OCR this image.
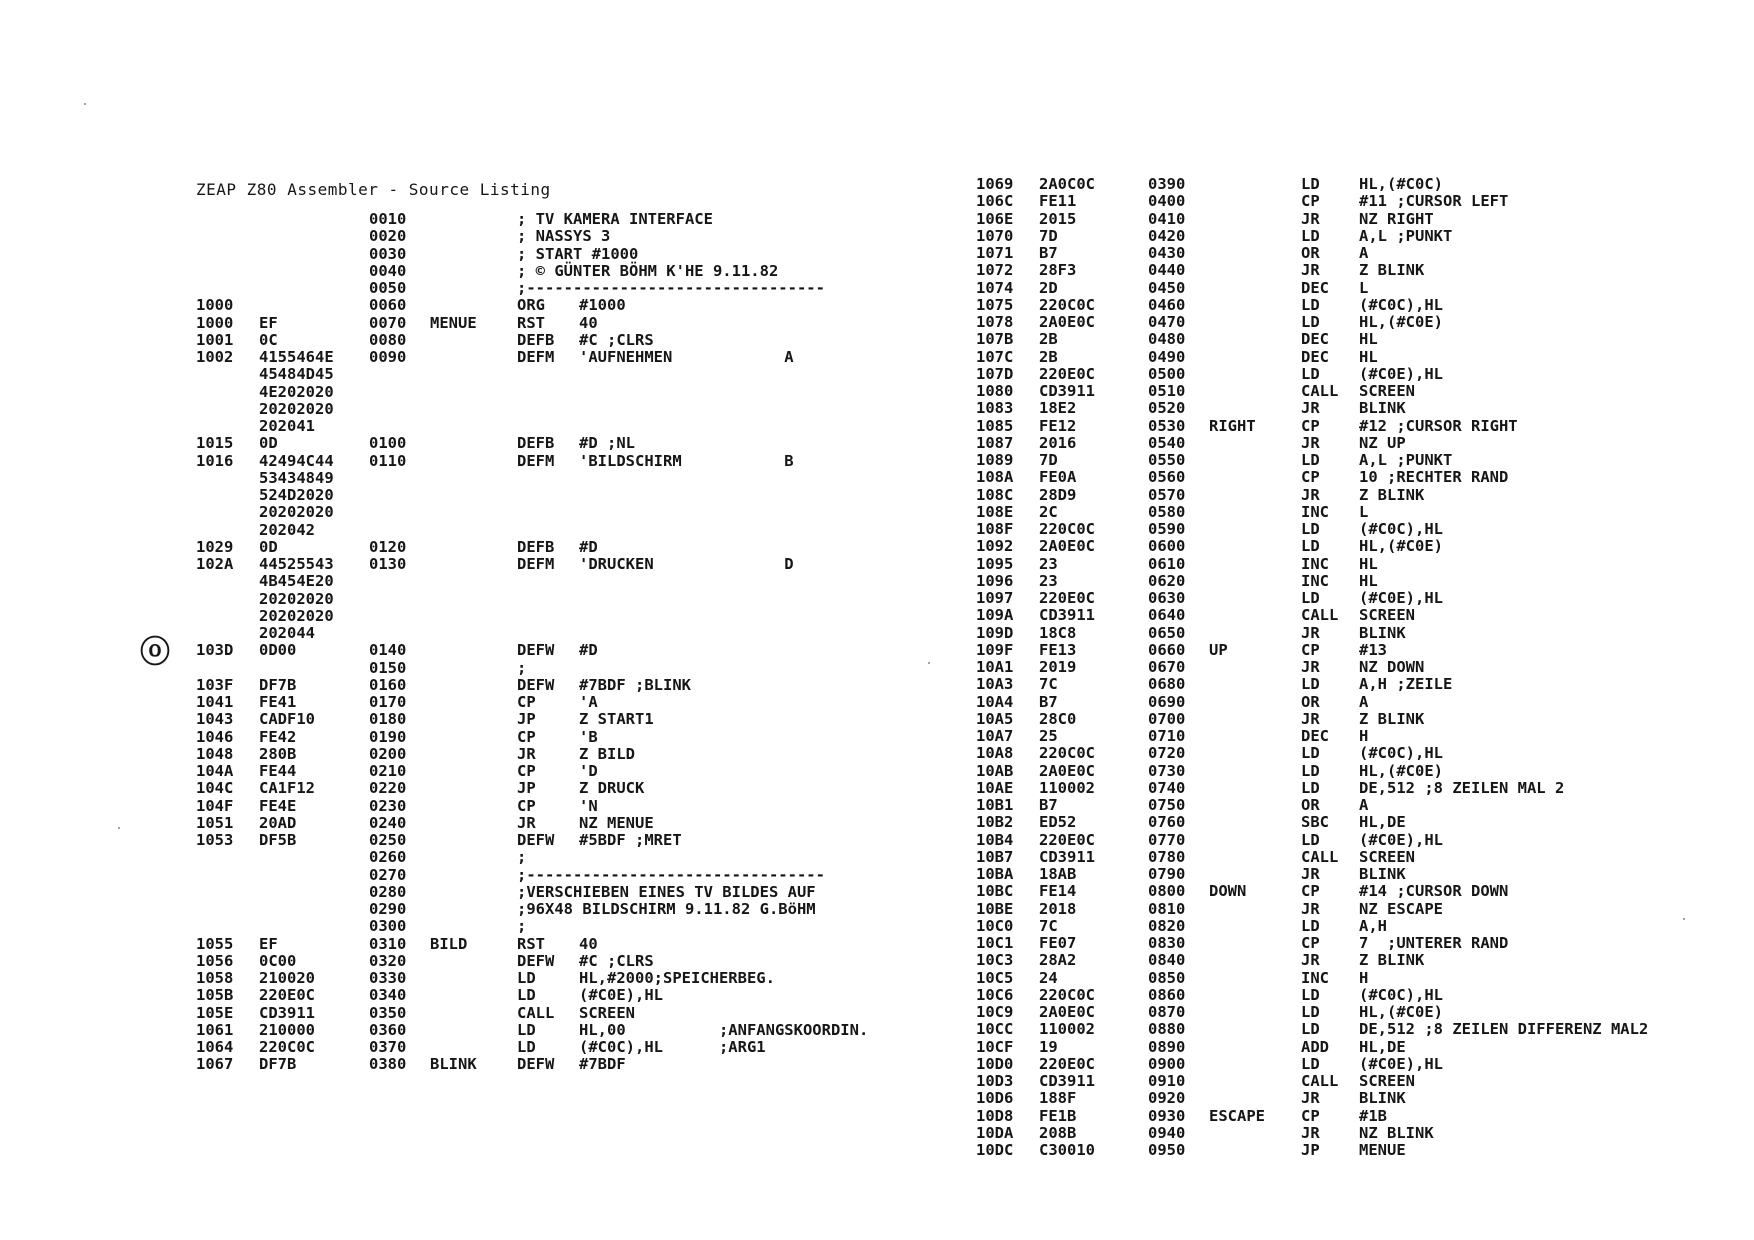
ZEAP Z80 Assembler - Source Listing
0010	; TV KAMERA INTERFACE
0020	; NASSYS 3
0030	; START #1000
0040	; © GÜNTER BÖHM K'HE 9.11.82
0050	;--------------------------------
1000	0060	ORG #1000
1000 EF	0070 MENUE	RST 40
1001 0C	0080	DEFB #C ;CLRS
1002 4155464E 0090	DEFM 'AUFNEHMEN            A
45484D45
4E202020
20202020
202041
1015 0D	0100	DEFB #D ;NL
1016 42494C44 0110	DEFM 'BILDSCHIRM           B
53434849
524D2020
20202020
202042
1029 0D	0120	DEFB #D
102A 44525543 0130	DEFM 'DRUCKEN              D
4B454E20
20202020
20202020
202044
103D 0D00	0140	DEFW #D
0150	;
103F DF7B	0160	DEFW #7BDF ;BLINK
1041 FE41	0170	CP	'A
1043 CADF10	0180	JP	Z START1
1046 FE42	0190	CP	'B
1048 280B	0200	JR	Z BILD
104A FE44	0210	CP	'D
104C CA1F12	0220	JP	Z DRUCK
104F FE4E	0230	CP	'N
1051 20AD	0240	JR	NZ MENUE
1053 DF5B	0250	DEFW #5BDF ;MRET
0260	;
0270	;--------------------------------
0280	;VERSCHIEBEN EINES TV BILDES AUF
0290	;96X48 BILDSCHIRM 9.11.82 G.BöHM
0300	;
1055 EF	0310 BILD	RST 40
1056 0C00	0320	DEFW #C ;CLRS
1058 210020	0330	LD	HL,#2000;SPEICHERBEG.
105B 220E0C	0340	LD	(#C0E),HL
105E CD3911	0350	CALL SCREEN
1061 210000	0360	LD	HL,00          ;ANFANGSKOORDIN.
1064 220C0C	0370	LD	(#C0C),HL      ;ARG1
1067 DF7B	0380 BLINK	DEFW #7BDF
1069 2A0C0C	0390	LD	HL,(#C0C)
106C FE11	0400	CP	#11 ;CURSOR LEFT
106E 2015	0410	JR	NZ RIGHT
1070 7D	0420	LD	A,L ;PUNKT
1071 B7	0430	OR	A
1072 28F3	0440	JR	Z BLINK
1074 2D	0450	DEC L
1075 220C0C	0460	LD	(#C0C),HL
1078 2A0E0C	0470	LD	HL,(#C0E)
107B 2B	0480	DEC HL
107C 2B	0490	DEC HL
107D 220E0C	0500	LD	(#C0E),HL
1080 CD3911	0510	CALL SCREEN
1083 18E2	0520	JR	BLINK
1085 FE12	0530 RIGHT	CP	#12 ;CURSOR RIGHT
1087 2016	0540	JR	NZ UP
1089 7D	0550	LD	A,L ;PUNKT
108A FE0A	0560	CP	10 ;RECHTER RAND
108C 28D9	0570	JR	Z BLINK
108E 2C	0580	INC L
108F 220C0C	0590	LD	(#C0C),HL
1092 2A0E0C	0600	LD	HL,(#C0E)
1095 23	0610	INC HL
1096 23	0620	INC HL
1097 220E0C	0630	LD	(#C0E),HL
109A CD3911	0640	CALL SCREEN
109D 18C8	0650	JR	BLINK
109F FE13	0660 UP	CP	#13
10A1 2019	0670	JR	NZ DOWN
10A3 7C	0680	LD	A,H ;ZEILE
10A4 B7	0690	OR	A
10A5 28C0	0700	JR	Z BLINK
10A7 25	0710	DEC H
10A8 220C0C	0720	LD	(#C0C),HL
10AB 2A0E0C	0730	LD	HL,(#C0E)
10AE 110002	0740	LD	DE,512 ;8 ZEILEN MAL 2
10B1 B7	0750	OR	A
10B2 ED52	0760	SBC HL,DE
10B4 220E0C	0770	LD	(#C0E),HL
10B7 CD3911	0780	CALL SCREEN
10BA 18AB	0790	JR	BLINK
10BC FE14	0800 DOWN	CP	#14 ;CURSOR DOWN
10BE 2018	0810	JR	NZ ESCAPE
10C0 7C	0820	LD	A,H
10C1 FE07	0830	CP	7  ;UNTERER RAND
10C3 28A2	0840	JR	Z BLINK
10C5 24	0850	INC H
10C6 220C0C	0860	LD	(#C0C),HL
10C9 2A0E0C	0870	LD	HL,(#C0E)
10CC 110002	0880	LD	DE,512 ;8 ZEILEN DIFFERENZ MAL2
10CF 19	0890	ADD HL,DE
10D0 220E0C	0900	LD	(#C0E),HL
10D3 CD3911	0910	CALL SCREEN
10D6 188F	0920	JR	BLINK
10D8 FE1B	0930 ESCAPE CP	#1B
10DA 208B	0940	JR	NZ BLINK
10DC C30010	0950	JP	MENUE
ⓞ
